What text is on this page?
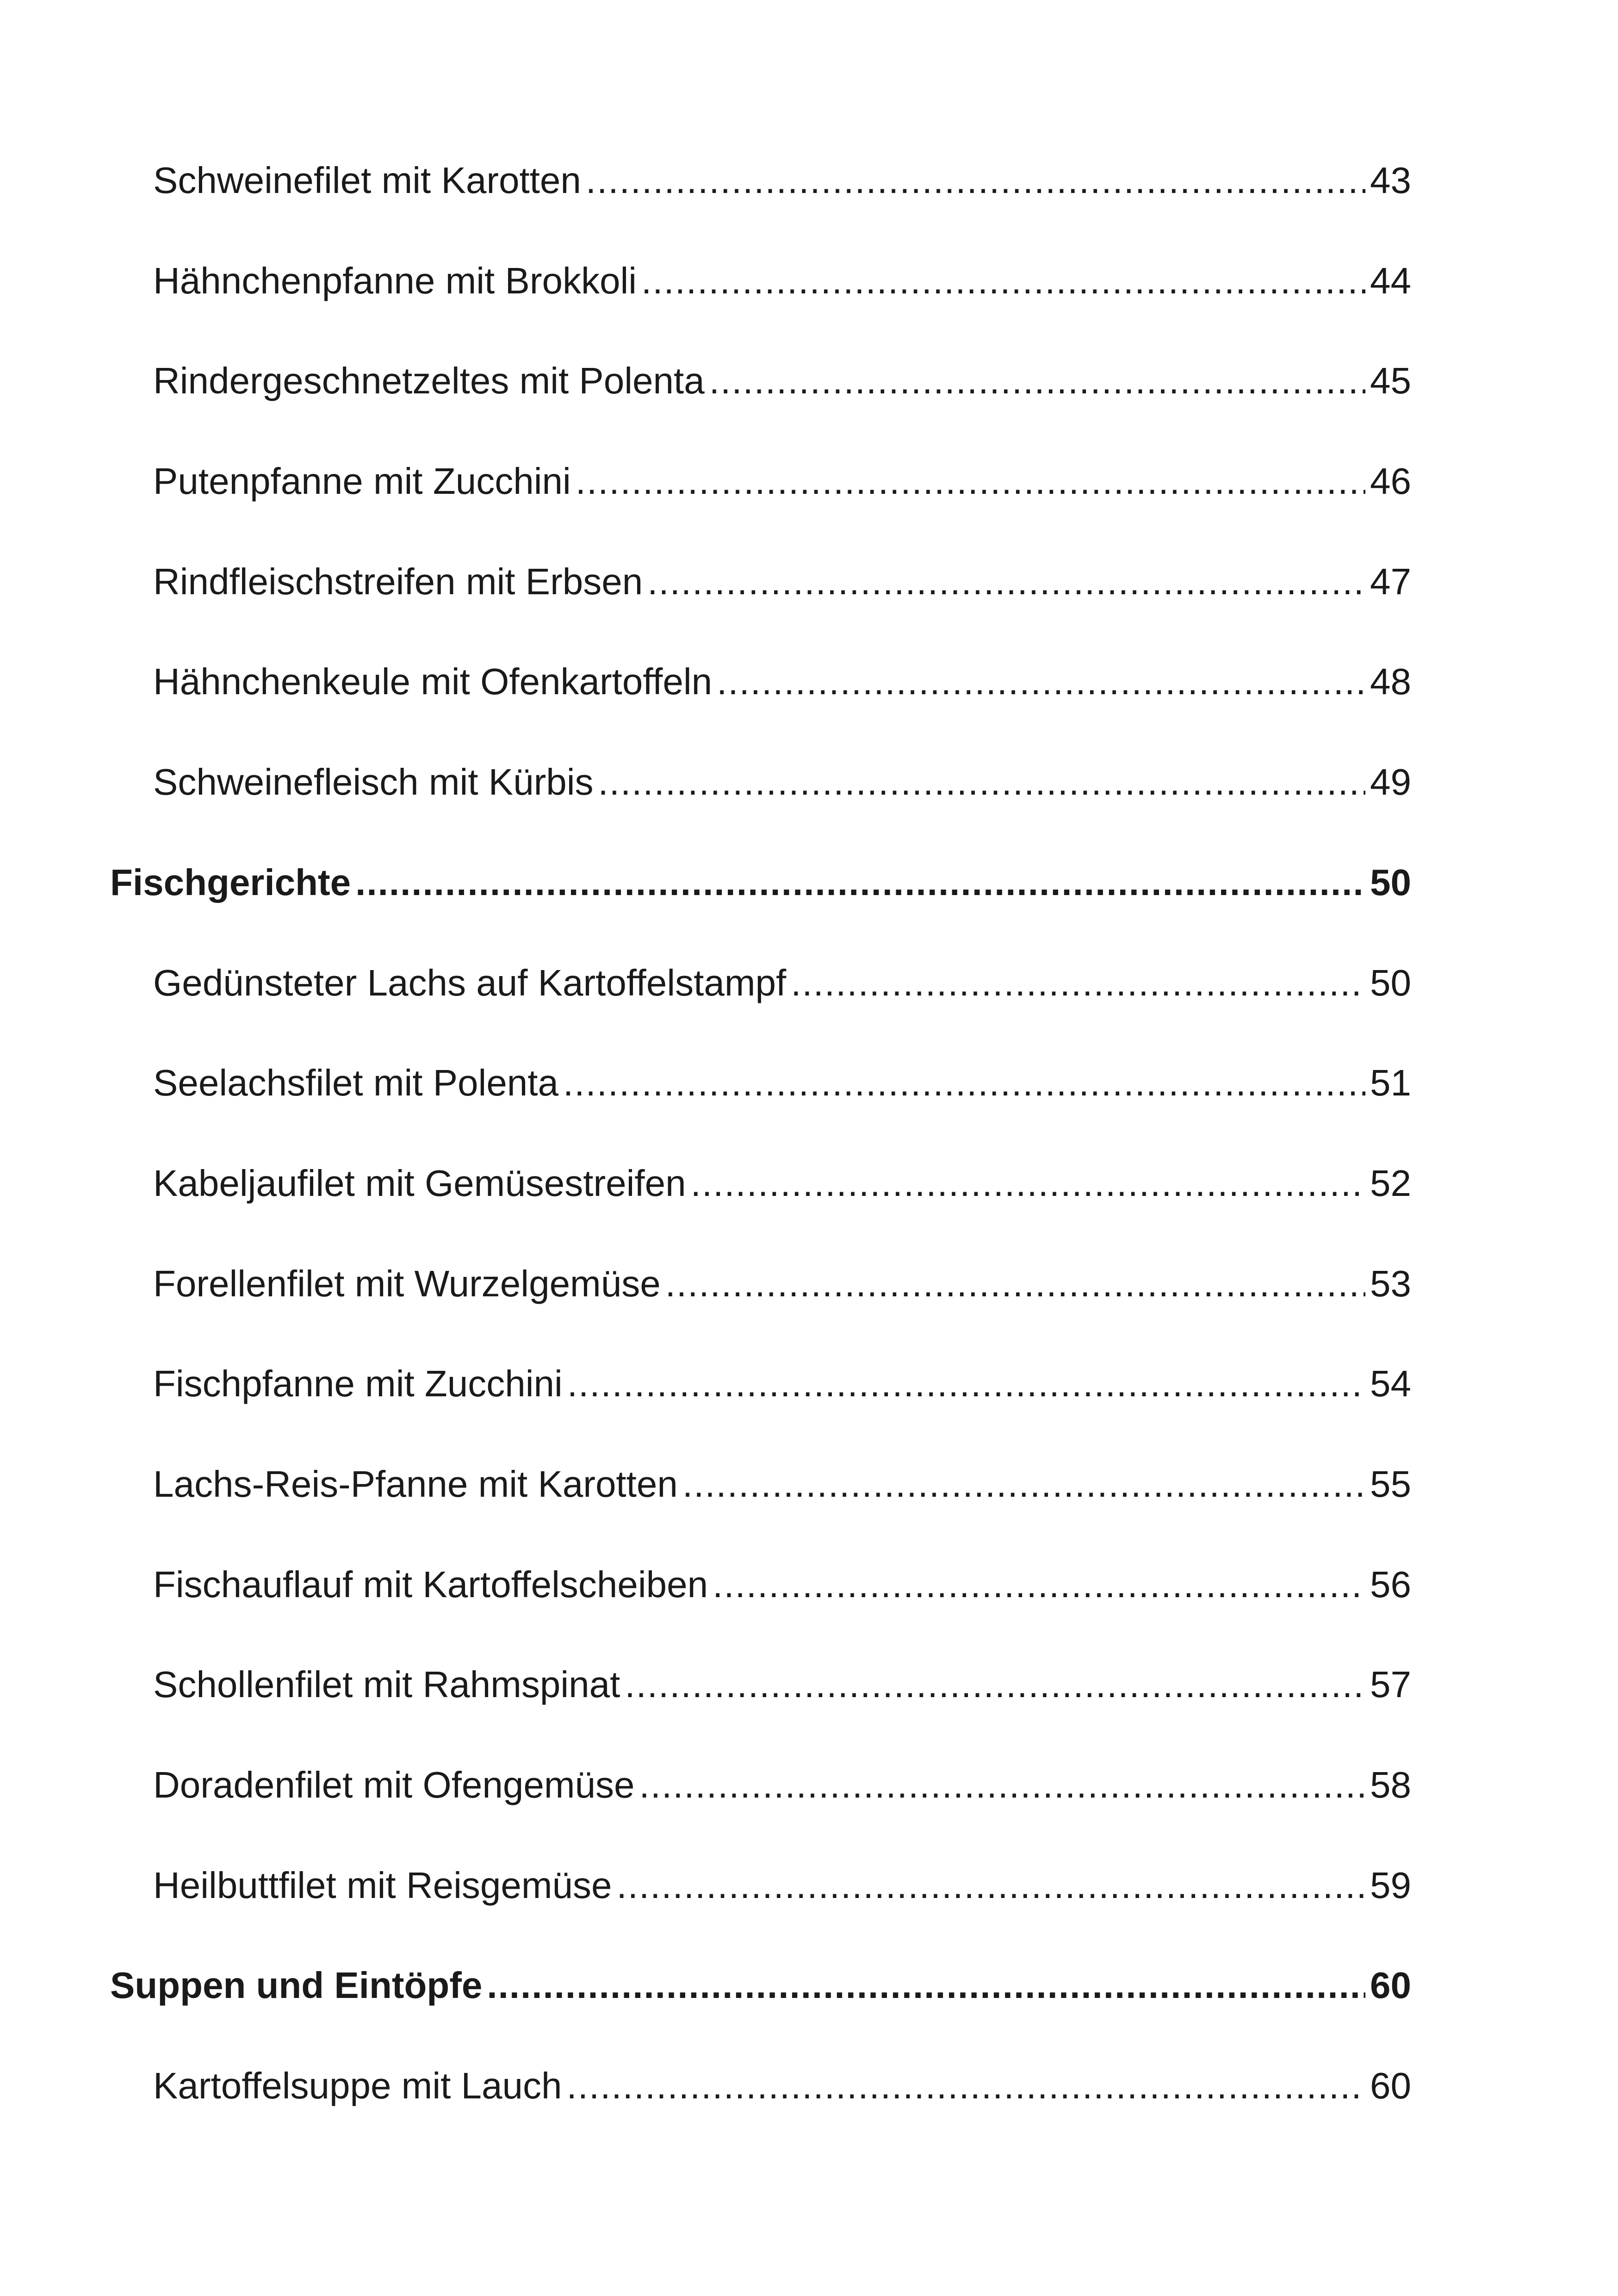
Schweinefilet mit Karotten .....	43
Hähnchenpfanne mit Brokkoli .....	44
Rindergeschnetzeltes mit Polenta .....	45
Putenpfanne mit Zucchini .....	46
Rindfleischstreifen mit Erbsen .....	47
Hähnchenkeule mit Ofenkartoffeln .....	48
Schweinefleisch mit Kürbis .....	49
Fischgerichte .....	50
Gedünsteter Lachs auf Kartoffelstampf .....	50
Seelachsfilet mit Polenta .....	51
Kabeljaufilet mit Gemüsestreifen .....	52
Forellenfilet mit Wurzelgemüse .....	53
Fischpfanne mit Zucchini .....	54
Lachs-Reis-Pfanne mit Karotten .....	55
Fischauflauf mit Kartoffelscheiben .....	56
Schollenfilet mit Rahmspinat .....	57
Doradenfilet mit Ofengemüse .....	58
Heilbuttfilet mit Reisgemüse .....	59
Suppen und Eintöpfe .....	60
Kartoffelsuppe mit Lauch .....	60
